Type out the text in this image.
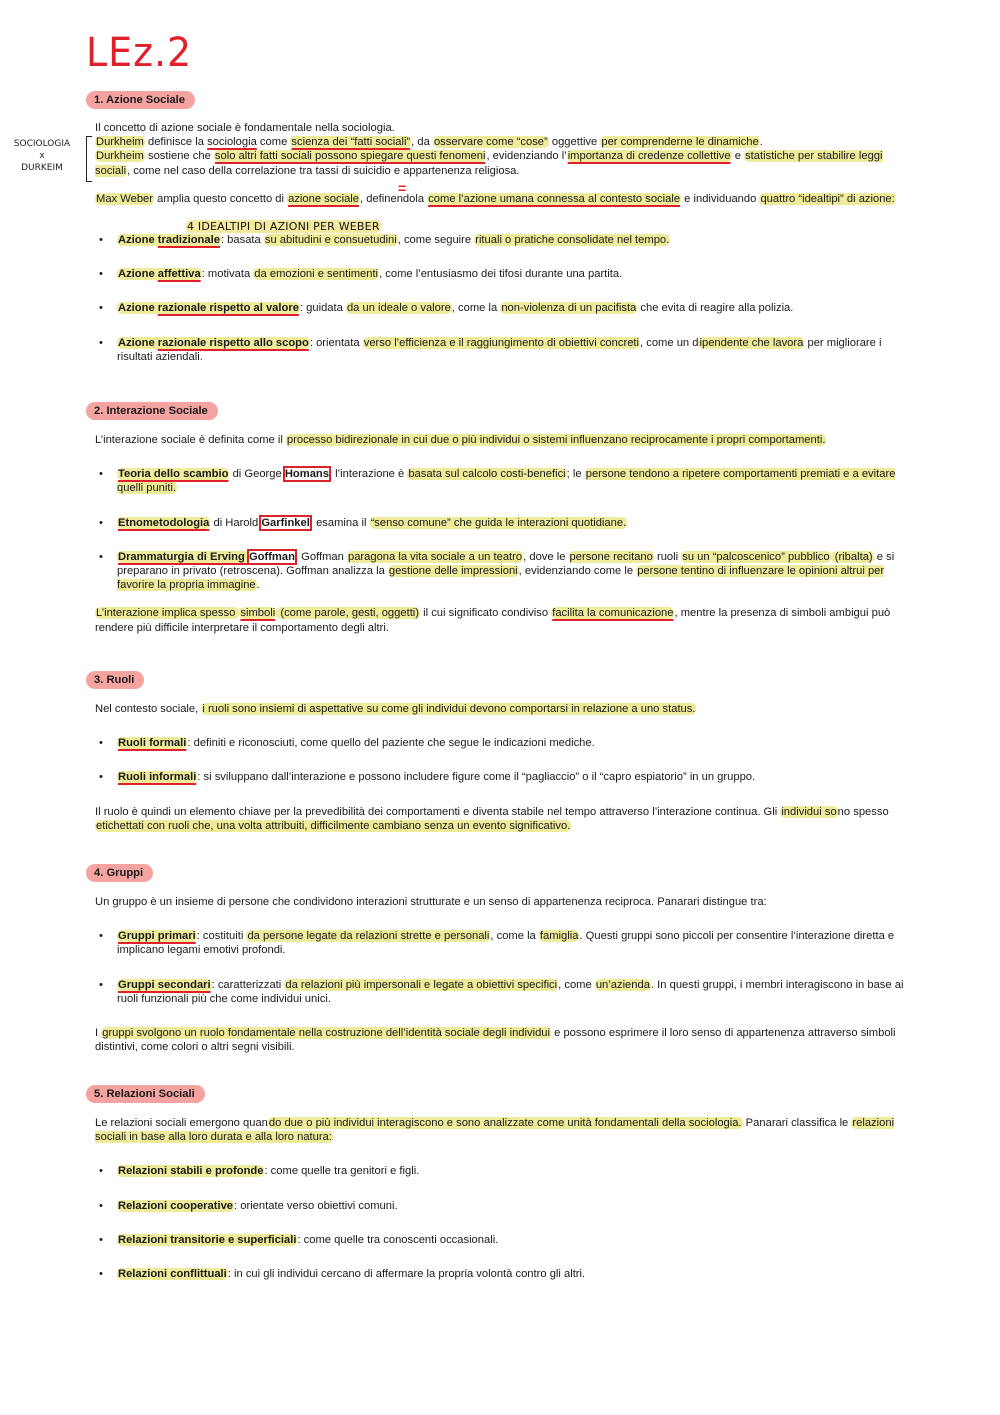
LEz.2
SOCIOLOGIA
x
DURKEIM
=
4 IDEALTIPI DI AZIONI PER WEBER
1. Azione Sociale

Il concetto di azione sociale è fondamentale nella sociologia.

Durkheim definisce la sociologia come scienza dei “fatti sociali”, da osservare come “cose” oggettive per comprenderne le dinamiche.

Durkheim sostiene che solo altri fatti sociali possono spiegare questi fenomeni, evidenziando l’importanza di credenze collettive e statistiche per stabilire leggi sociali, come nel caso della correlazione tra tassi di suicidio e appartenenza religiosa.

Max Weber amplia questo concetto di azione sociale, definendola come l’azione umana connessa al contesto sociale e individuando quattro “idealtipi” di azione:

• Azione tradizionale: basata su abitudini e consuetudini, come seguire rituali o pratiche consolidate nel tempo.
• Azione affettiva: motivata da emozioni e sentimenti, come l’entusiasmo dei tifosi durante una partita.
• Azione razionale rispetto al valore: guidata da un ideale o valore, come la non-violenza di un pacifista che evita di reagire alla polizia.
• Azione razionale rispetto allo scopo: orientata verso l’efficienza e il raggiungimento di obiettivi concreti, come un dipendente che lavora per migliorare i risultati aziendali.
2. Interazione Sociale

L’interazione sociale è definita come il processo bidirezionale in cui due o più individui o sistemi influenzano reciprocamente i propri comportamenti.

• Teoria dello scambio di George Homans: l’interazione è basata sul calcolo costi-benefici; le persone tendono a ripetere comportamenti premiati e a evitare quelli puniti.
• Etnometodologia di Harold Garfinkel: esamina il “senso comune” che guida le interazioni quotidiane.
• Drammaturgia di Erving Goffman: Goffman paragona la vita sociale a un teatro, dove le persone recitano ruoli su un “palcoscenico” pubblico (ribalta) e si preparano in privato (retroscena). Goffman analizza la gestione delle impressioni, evidenziando come le persone tentino di influenzare le opinioni altrui per favorire la propria immagine.

L’interazione implica spesso simboli (come parole, gesti, oggetti) il cui significato condiviso facilita la comunicazione, mentre la presenza di simboli ambigui può rendere più difficile interpretare il comportamento degli altri.

3. Ruoli

Nel contesto sociale, i ruoli sono insiemi di aspettative su come gli individui devono comportarsi in relazione a uno status.

• Ruoli formali: definiti e riconosciuti, come quello del paziente che segue le indicazioni mediche.
• Ruoli informali: si sviluppano dall’interazione e possono includere figure come il “pagliaccio” o il “capro espiatorio” in un gruppo.

Il ruolo è quindi un elemento chiave per la prevedibilità dei comportamenti e diventa stabile nel tempo attraverso l’interazione continua. Gli individui sono spesso etichettati con ruoli che, una volta attribuiti, difficilmente cambiano senza un evento significativo.

4. Gruppi

Un gruppo è un insieme di persone che condividono interazioni strutturate e un senso di appartenenza reciproca. Panarari distingue tra:

• Gruppi primari: costituiti da persone legate da relazioni strette e personali, come la famiglia. Questi gruppi sono piccoli per consentire l’interazione diretta e implicano legami emotivi profondi.
• Gruppi secondari: caratterizzati da relazioni più impersonali e legate a obiettivi specifici, come un’azienda. In questi gruppi, i membri interagiscono in base ai ruoli funzionali più che come individui unici.

I gruppi svolgono un ruolo fondamentale nella costruzione dell’identità sociale degli individui e possono esprimere il loro senso di appartenenza attraverso simboli distintivi, come colori o altri segni visibili.

5. Relazioni Sociali

Le relazioni sociali emergono quando due o più individui interagiscono e sono analizzate come unità fondamentali della sociologia. Panarari classifica le relazioni sociali in base alla loro durata e alla loro natura:

• Relazioni stabili e profonde: come quelle tra genitori e figli.
• Relazioni cooperative: orientate verso obiettivi comuni.
• Relazioni transitorie e superficiali: come quelle tra conoscenti occasionali.
• Relazioni conflittuali: in cui gli individui cercano di affermare la propria volontà contro gli altri.
